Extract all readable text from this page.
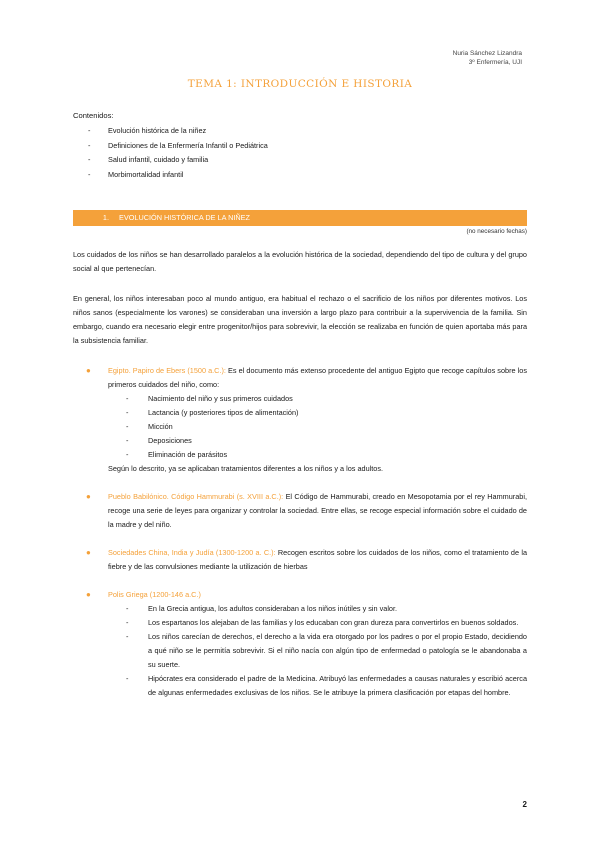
Nuria Sánchez Lizandra
3º Enfermería, UJI
TEMA 1: INTRODUCCIÓN E HISTORIA
Contenidos:
- Evolución histórica de la niñez
- Definiciones de la Enfermería Infantil o Pediátrica
- Salud infantil, cuidado y familia
- Morbimortalidad infantil
1. EVOLUCIÓN HISTÓRICA DE LA NIÑEZ
(no necesario fechas)

Los cuidados de los niños se han desarrollado paralelos a la evolución histórica de la sociedad, dependiendo del tipo de cultura y del grupo social al que pertenecían.

En general, los niños interesaban poco al mundo antiguo, era habitual el rechazo o el sacrificio de los niños por diferentes motivos. Los niños sanos (especialmente los varones) se consideraban una inversión a largo plazo para contribuir a la supervivencia de la familia. Sin embargo, cuando era necesario elegir entre progenitor/hijos para sobrevivir, la elección se realizaba en función de quien aportaba más para la subsistencia familiar.

● Egipto. Papiro de Ebers (1500 a.C.): Es el documento más extenso procedente del antiguo Egipto que recoge capítulos sobre los primeros cuidados del niño, como:
-	Nacimiento del niño y sus primeros cuidados
-	Lactancia (y posteriores tipos de alimentación)
-	Micción
-	Deposiciones
-	Eliminación de parásitos
Según lo descrito, ya se aplicaban tratamientos diferentes a los niños y a los adultos.
● Pueblo Babilónico. Código Hammurabi (s. XVIII a.C.): El Código de Hammurabi, creado en Mesopotamia por el rey Hammurabi, recoge una serie de leyes para organizar y controlar la sociedad. Entre ellas, se recoge especial información sobre el cuidado de la madre y del niño.
● Sociedades China, India y Judía (1300-1200 a. C.): Recogen escritos sobre los cuidados de los niños, como el tratamiento de la fiebre y de las convulsiones mediante la utilización de hierbas
● Polis Griega (1200-146 a.C.)
-	En la Grecia antigua, los adultos consideraban a los niños inútiles y sin valor.
-	Los espartanos los alejaban de las familias y los educaban con gran dureza para convertirlos en buenos soldados.
-	Los niños carecían de derechos, el derecho a la vida era otorgado por los padres o por el propio Estado, decidiendo a qué niño se le permitía sobrevivir. Si el niño nacía con algún tipo de enfermedad o patología se le abandonaba a su suerte.
-	Hipócrates era considerado el padre de la Medicina. Atribuyó las enfermedades a causas naturales y escribió acerca de algunas enfermedades exclusivas de los niños. Se le atribuye la primera clasificación por etapas del hombre.
2
